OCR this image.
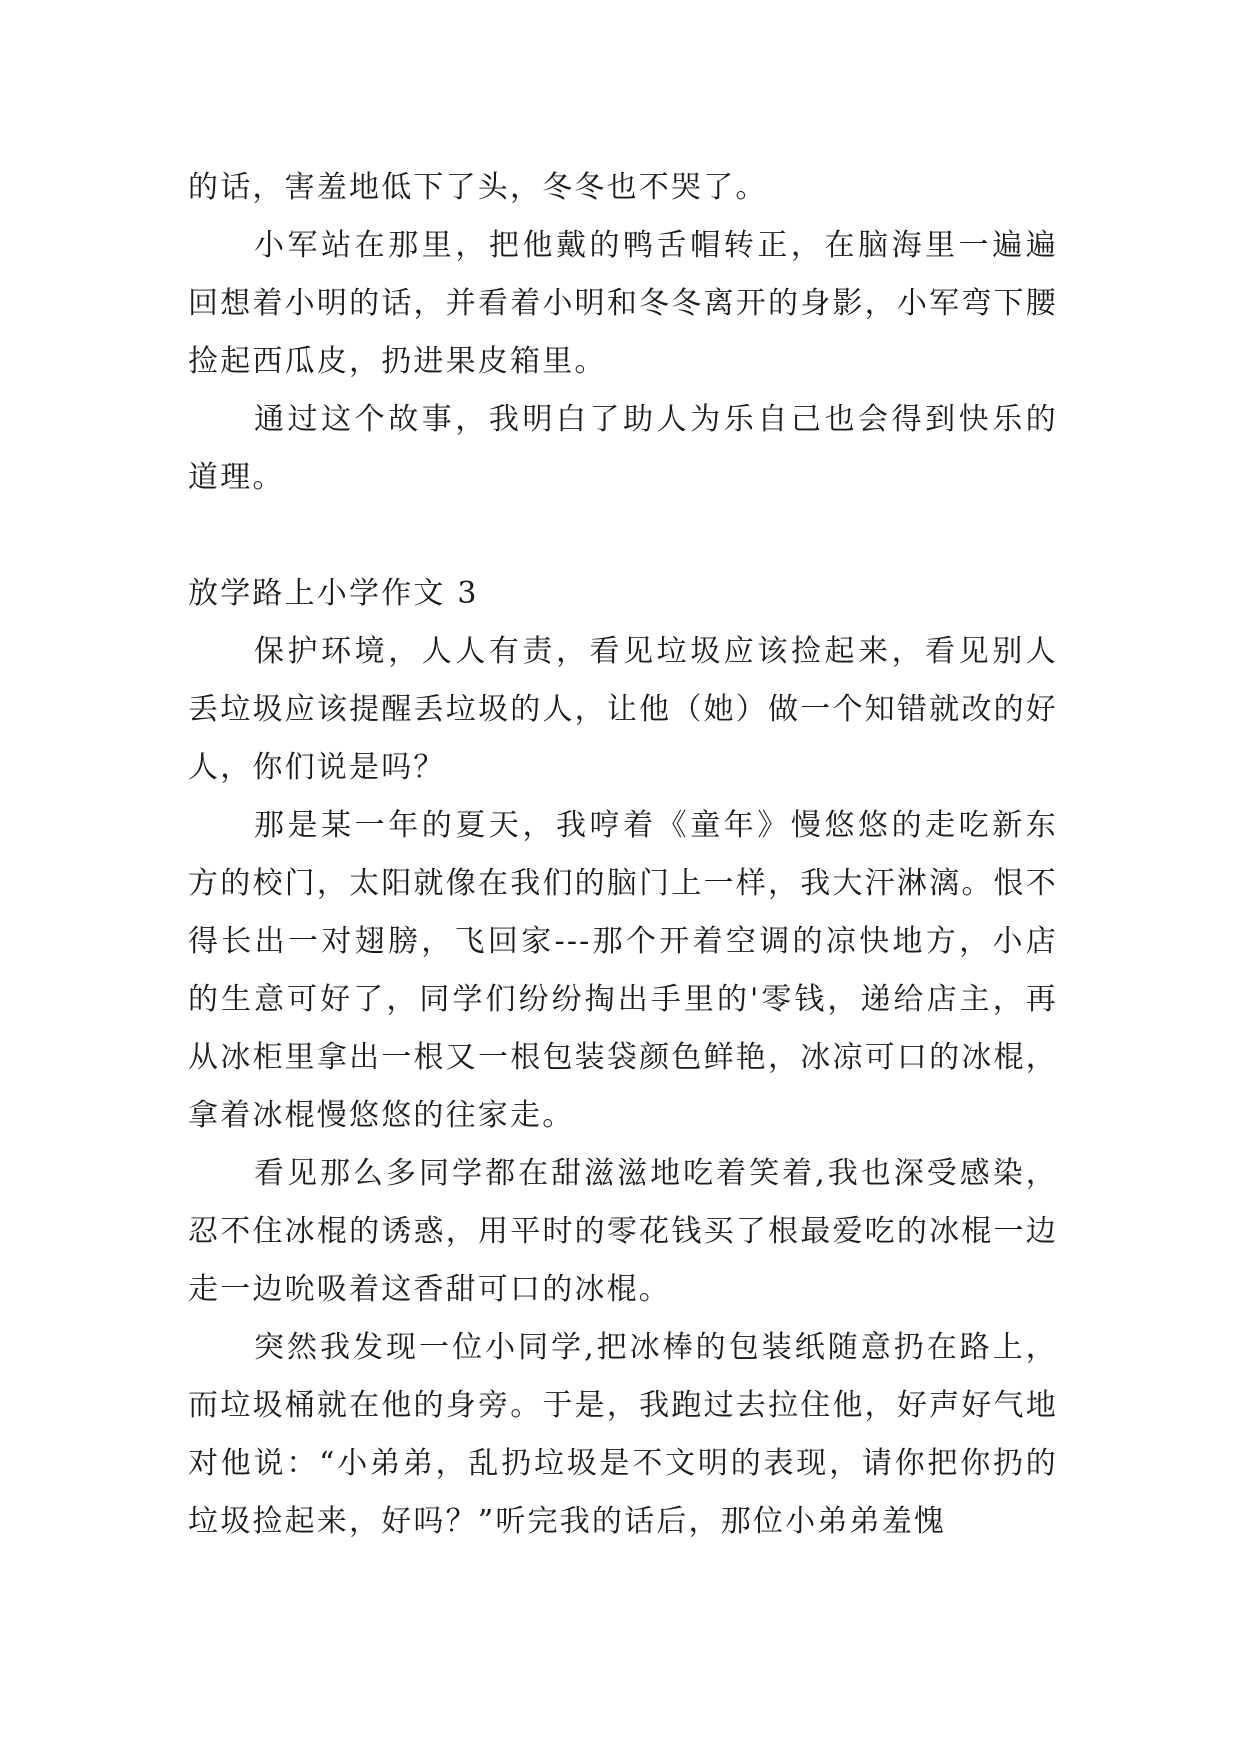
的话，害羞地低下了头，冬冬也不哭了。

小军站在那里，把他戴的鸭舌帽转正，在脑海里一遍遍回想着小明的话，并看着小明和冬冬离开的身影，小军弯下腰捡起西瓜皮，扔进果皮箱里。

通过这个故事，我明白了助人为乐自己也会得到快乐的道理。

放学路上小学作文 3

保护环境，人人有责，看见垃圾应该捡起来，看见别人丢垃圾应该提醒丢垃圾的人，让他（她）做一个知错就改的好人，你们说是吗？

那是某一年的夏天，我哼着《童年》慢悠悠的走吃新东方的校门，太阳就像在我们的脑门上一样，我大汗淋漓。恨不得长出一对翅膀，飞回家---那个开着空调的凉快地方，小店的生意可好了，同学们纷纷掏出手里的'零钱，递给店主，再从冰柜里拿出一根又一根包装袋颜色鲜艳，冰凉可口的冰棍，拿着冰棍慢悠悠的往家走。

看见那么多同学都在甜滋滋地吃着笑着,我也深受感染，忍不住冰棍的诱惑，用平时的零花钱买了根最爱吃的冰棍一边走一边吮吸着这香甜可口的冰棍。

突然我发现一位小同学,把冰棒的包装纸随意扔在路上，而垃圾桶就在他的身旁。于是，我跑过去拉住他，好声好气地对他说：“小弟弟，乱扔垃圾是不文明的表现，请你把你扔的垃圾捡起来，好吗？”听完我的话后，那位小弟弟羞愧
